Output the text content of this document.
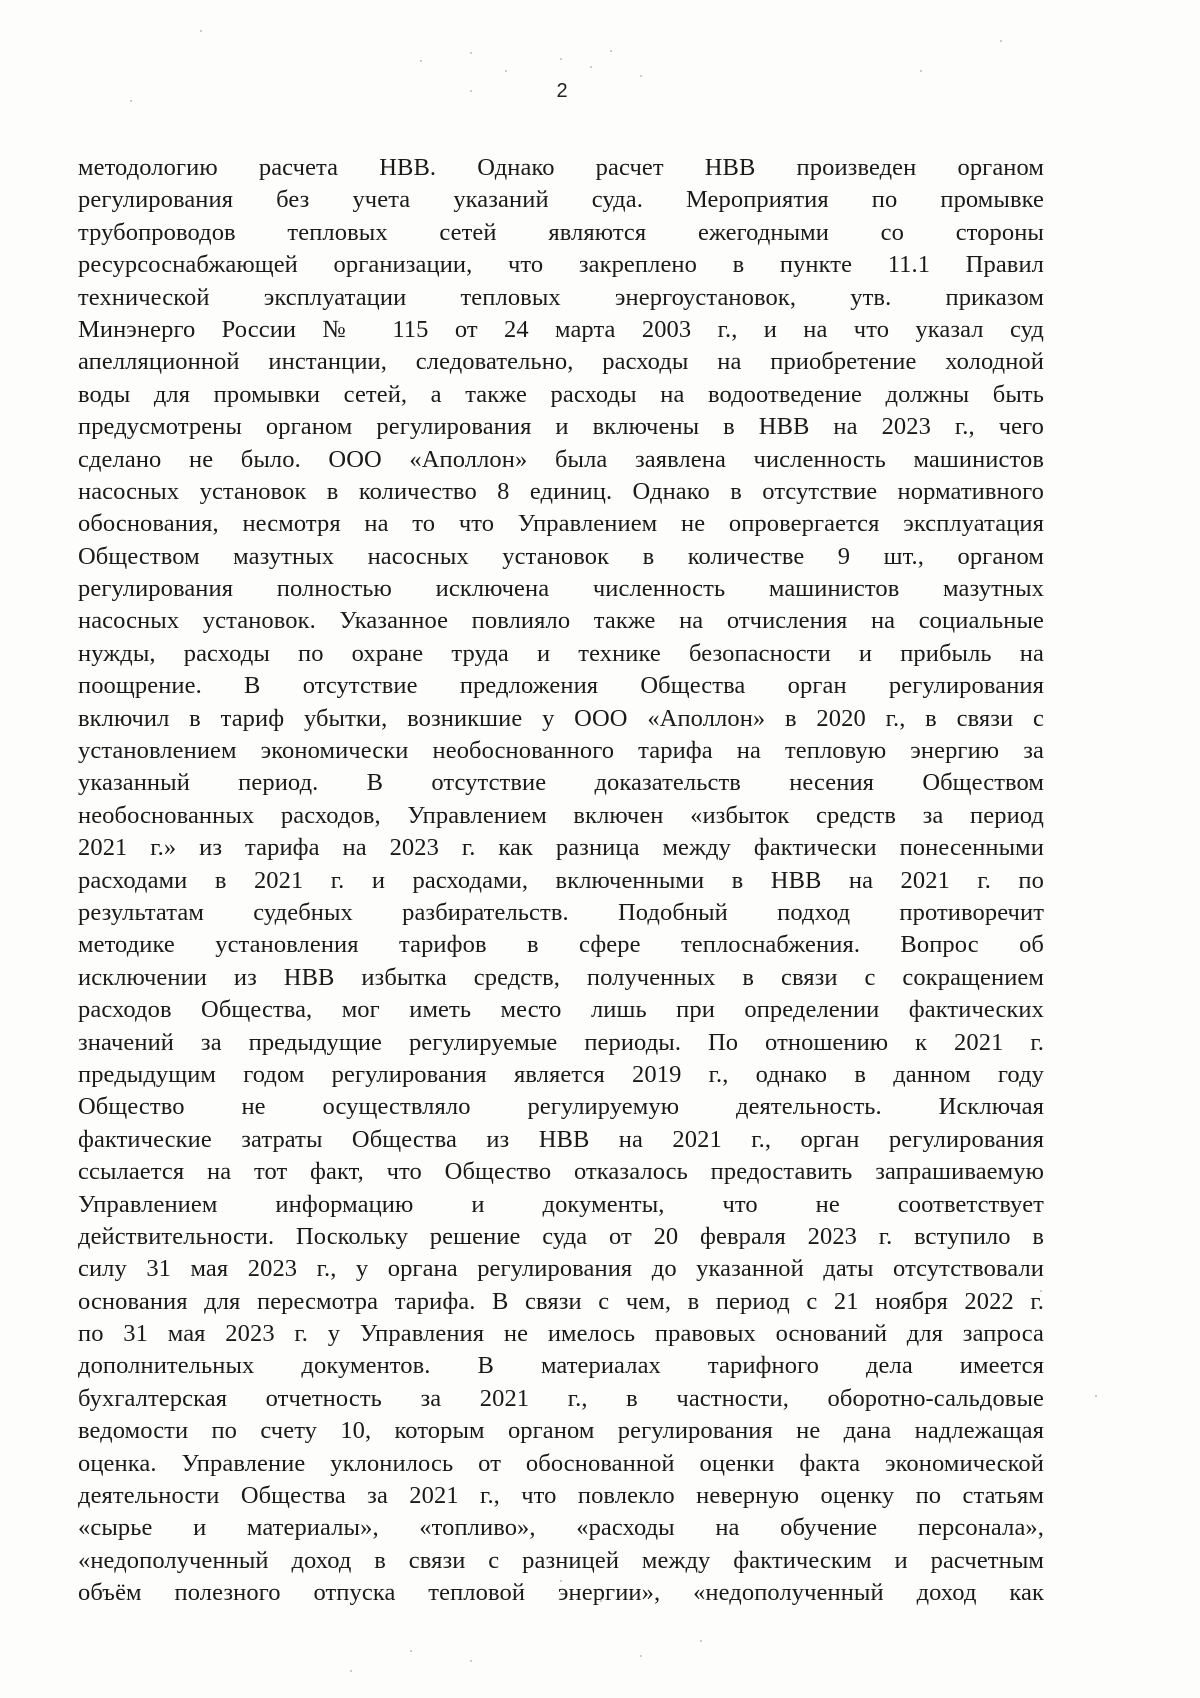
2
методологию расчета НВВ. Однако расчет НВВ произведен органом
регулирования без учета указаний суда. Мероприятия по промывке
трубопроводов тепловых сетей являются ежегодными со стороны
ресурсоснабжающей организации, что закреплено в пункте 11.1 Правил
технической эксплуатации тепловых энергоустановок, утв. приказом
Минэнерго России № 115 от 24 марта 2003 г., и на что указал суд
апелляционной инстанции, следовательно, расходы на приобретение холодной
воды для промывки сетей, а также расходы на водоотведение должны быть
предусмотрены органом регулирования и включены в НВВ на 2023 г., чего
сделано не было. ООО «Аполлон» была заявлена численность машинистов
насосных установок в количество 8 единиц. Однако в отсутствие нормативного
обоснования, несмотря на то что Управлением не опровергается эксплуатация
Обществом мазутных насосных установок в количестве 9 шт., органом
регулирования полностью исключена численность машинистов мазутных
насосных установок. Указанное повлияло также на отчисления на социальные
нужды, расходы по охране труда и технике безопасности и прибыль на
поощрение. В отсутствие предложения Общества орган регулирования
включил в тариф убытки, возникшие у ООО «Аполлон» в 2020 г., в связи с
установлением экономически необоснованного тарифа на тепловую энергию за
указанный период. В отсутствие доказательств несения Обществом
необоснованных расходов, Управлением включен «избыток средств за период
2021 г.» из тарифа на 2023 г. как разница между фактически понесенными
расходами в 2021 г. и расходами, включенными в НВВ на 2021 г. по
результатам судебных разбирательств. Подобный подход противоречит
методике установления тарифов в сфере теплоснабжения. Вопрос об
исключении из НВВ избытка средств, полученных в связи с сокращением
расходов Общества, мог иметь место лишь при определении фактических
значений за предыдущие регулируемые периоды. По отношению к 2021 г.
предыдущим годом регулирования является 2019 г., однако в данном году
Общество не осуществляло регулируемую деятельность. Исключая
фактические затраты Общества из НВВ на 2021 г., орган регулирования
ссылается на тот факт, что Общество отказалось предоставить запрашиваемую
Управлением информацию и документы, что не соответствует
действительности. Поскольку решение суда от 20 февраля 2023 г. вступило в
силу 31 мая 2023 г., у органа регулирования до указанной даты отсутствовали
основания для пересмотра тарифа. В связи с чем, в период с 21 ноября 2022 г.
по 31 мая 2023 г. у Управления не имелось правовых оснований для запроса
дополнительных документов. В материалах тарифного дела имеется
бухгалтерская отчетность за 2021 г., в частности, оборотно-сальдовые
ведомости по счету 10, которым органом регулирования не дана надлежащая
оценка. Управление уклонилось от обоснованной оценки факта экономической
деятельности Общества за 2021 г., что повлекло неверную оценку по статьям
«сырье и материалы», «топливо», «расходы на обучение персонала»,
«недополученный доход в связи с разницей между фактическим и расчетным
объём полезного отпуска тепловой энергии», «недополученный доход как
